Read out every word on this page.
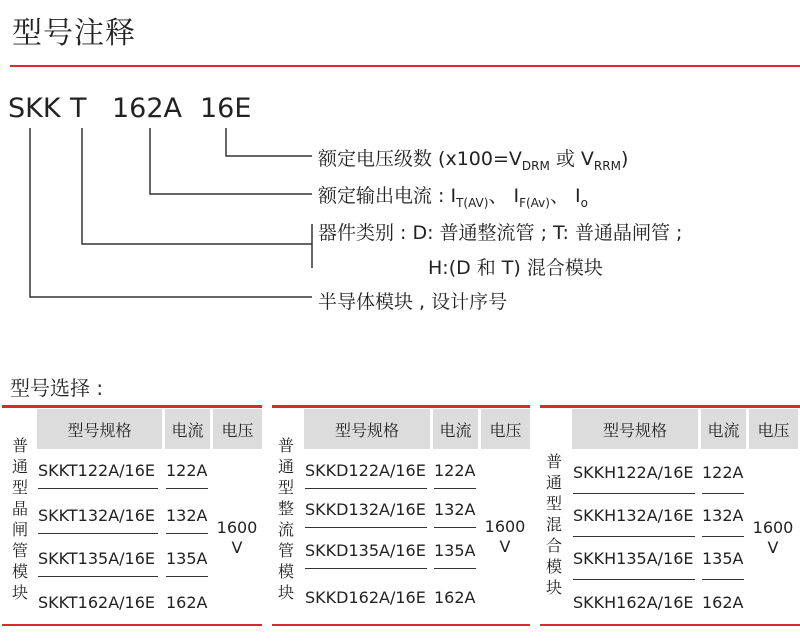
型号注释
SKK T 162A 16E
额定电压级数 ($x100=V_{DRM}$ 或 $V_{RRM}$)
额定输出电流 : $I_{T(AV)}$、 $I_{F(Av)}$、 $I_o$
器件类别 : D: 普通整流管 ; T: 普通晶闸管 ;
H:(D 和 T) 混合模块
半导体模块 , 设计序号
型号选择 :
型号规格	电流	电压
普通型晶闸管模块
SKKT122A/16E 122A
SKKT132A/16E 132A
SKKT135A/16E 135A
SKKT162A/16E 162A
1600 V
型号规格	电流	电压
普通型整流管模块
SKKD122A/16E 122A
SKKD132A/16E 132A
SKKD135A/16E 135A
SKKD162A/16E 162A
1600 V
型号规格	电流	电压
普通型混合模块
SKKH122A/16E 122A
SKKH132A/16E 132A
SKKH135A/16E 135A
SKKH162A/16E 162A
1600 V
